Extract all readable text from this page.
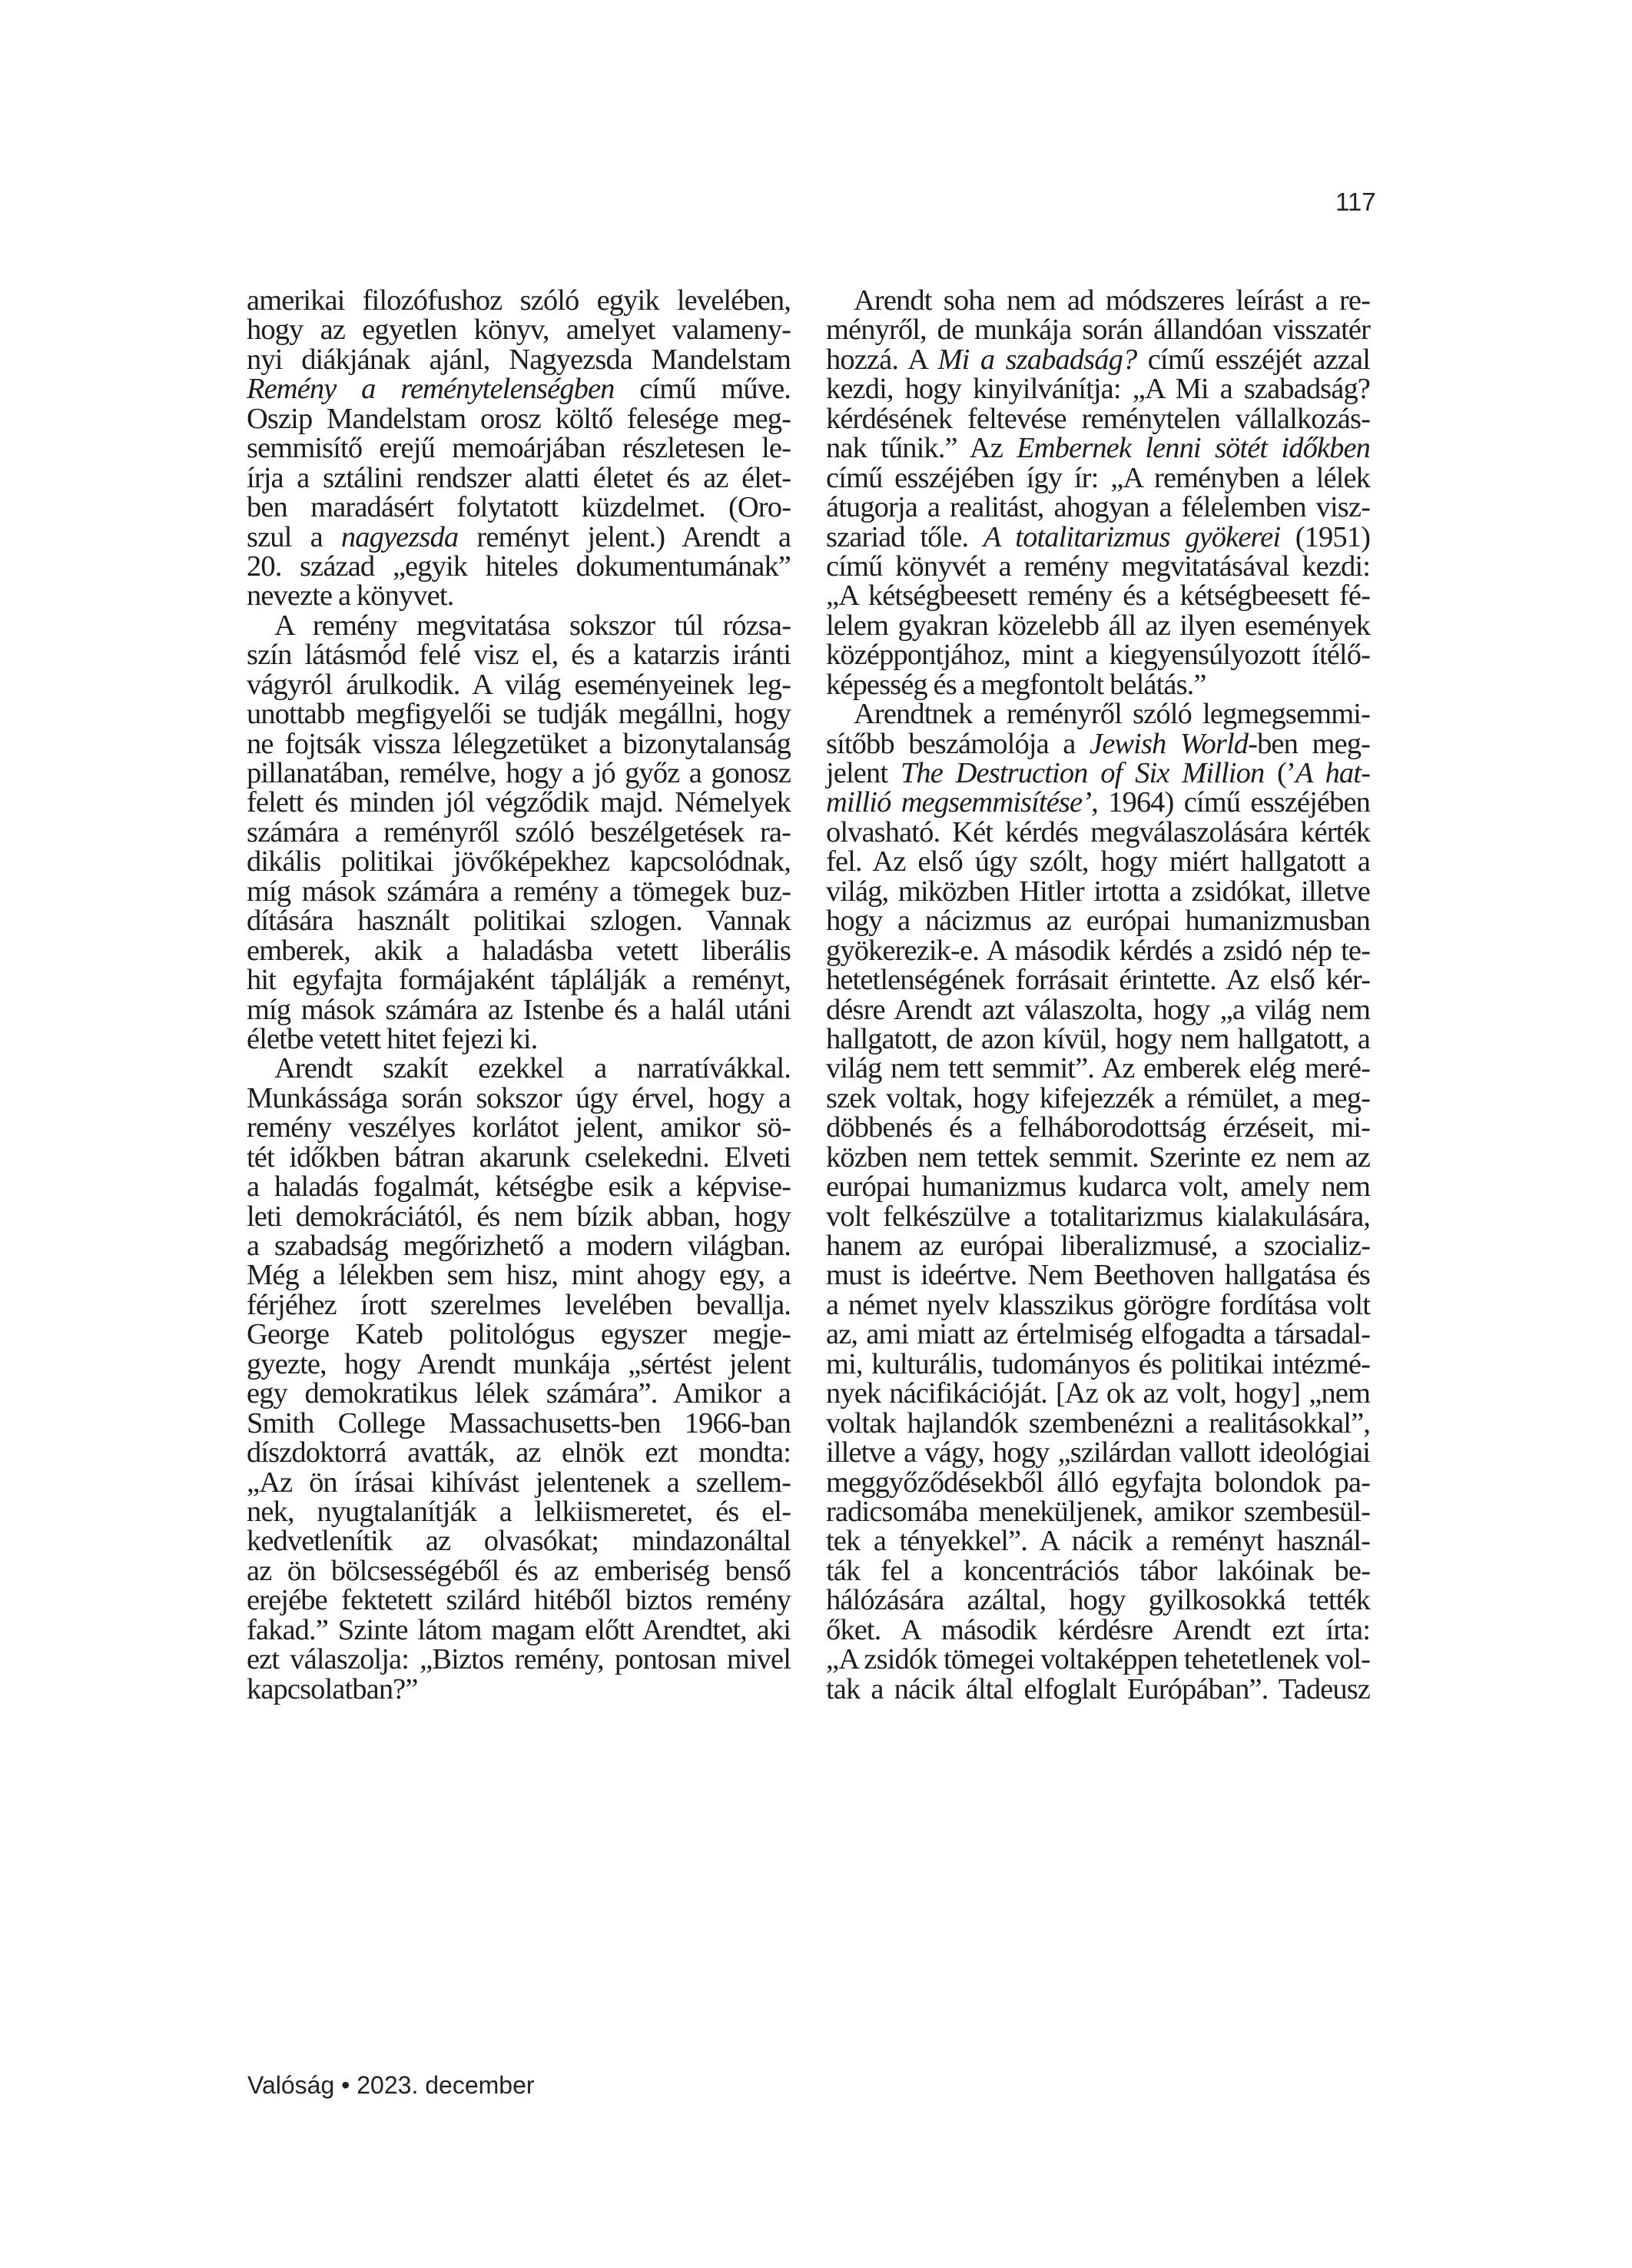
117
amerikai filozófushoz szóló egyik levelében,
hogy az egyetlen könyv, amelyet valameny-
nyi diákjának ajánl, Nagyezsda Mandelstam
Remény a reménytelenségben című műve.
Oszip Mandelstam orosz költő felesége meg-
semmisítő erejű memoárjában részletesen le-
írja a sztálini rendszer alatti életet és az élet-
ben maradásért folytatott küzdelmet. (Oro-
szul a nagyezsda reményt jelent.) Arendt a
20. század „egyik hiteles dokumentumának”
nevezte a könyvet.
A remény megvitatása sokszor túl rózsa-
szín látásmód felé visz el, és a katarzis iránti
vágyról árulkodik. A világ eseményeinek leg-
unottabb megfigyelői se tudják megállni, hogy
ne fojtsák vissza lélegzetüket a bizonytalanság
pillanatában, remélve, hogy a jó győz a gonosz
felett és minden jól végződik majd. Némelyek
számára a reményről szóló beszélgetések ra-
dikális politikai jövőképekhez kapcsolódnak,
míg mások számára a remény a tömegek buz-
dítására használt politikai szlogen. Vannak
emberek, akik a haladásba vetett liberális
hit egyfajta formájaként táplálják a reményt,
míg mások számára az Istenbe és a halál utáni
életbe vetett hitet fejezi ki.
Arendt szakít ezekkel a narratívákkal.
Munkássága során sokszor úgy érvel, hogy a
remény veszélyes korlátot jelent, amikor sö-
tét időkben bátran akarunk cselekedni. Elveti
a haladás fogalmát, kétségbe esik a képvise-
leti demokráciától, és nem bízik abban, hogy
a szabadság megőrizhető a modern világban.
Még a lélekben sem hisz, mint ahogy egy, a
férjéhez írott szerelmes levelében bevallja.
George Kateb politológus egyszer megje-
gyezte, hogy Arendt munkája „sértést jelent
egy demokratikus lélek számára”. Amikor a
Smith College Massachusetts-ben 1966-ban
díszdoktorrá avatták, az elnök ezt mondta:
„Az ön írásai kihívást jelentenek a szellem-
nek, nyugtalanítják a lelkiismeretet, és el-
kedvetlenítik az olvasókat; mindazonáltal
az ön bölcsességéből és az emberiség benső
erejébe fektetett szilárd hitéből biztos remény
fakad.” Szinte látom magam előtt Arendtet, aki
ezt válaszolja: „Biztos remény, pontosan mivel
kapcsolatban?”
Arendt soha nem ad módszeres leírást a re-
ményről, de munkája során állandóan visszatér
hozzá. A Mi a szabadság? című esszéjét azzal
kezdi, hogy kinyilvánítja: „A Mi a szabadság?
kérdésének feltevése reménytelen vállalkozás-
nak tűnik.” Az Embernek lenni sötét időkben
című esszéjében így ír: „A reményben a lélek
átugorja a realitást, ahogyan a félelemben visz-
szariad tőle. A totalitarizmus gyökerei (1951)
című könyvét a remény megvitatásával kezdi:
„A kétségbeesett remény és a kétségbeesett fé-
lelem gyakran közelebb áll az ilyen események
középpontjához, mint a kiegyensúlyozott ítélő-
képesség és a megfontolt belátás.”
Arendtnek a reményről szóló legmegsemmi-
sítőbb beszámolója a Jewish World-ben meg-
jelent The Destruction of Six Million (’A hat-
millió megsemmisítése’, 1964) című esszéjében
olvasható. Két kérdés megválaszolására kérték
fel. Az első úgy szólt, hogy miért hallgatott a
világ, miközben Hitler irtotta a zsidókat, illetve
hogy a nácizmus az európai humanizmusban
gyökerezik-e. A második kérdés a zsidó nép te-
hetetlenségének forrásait érintette. Az első kér-
désre Arendt azt válaszolta, hogy „a világ nem
hallgatott, de azon kívül, hogy nem hallgatott, a
világ nem tett semmit”. Az emberek elég meré-
szek voltak, hogy kifejezzék a rémület, a meg-
döbbenés és a felháborodottság érzéseit, mi-
közben nem tettek semmit. Szerinte ez nem az
európai humanizmus kudarca volt, amely nem
volt felkészülve a totalitarizmus kialakulására,
hanem az európai liberalizmusé, a szocializ-
must is ideértve. Nem Beethoven hallgatása és
a német nyelv klasszikus görögre fordítása volt
az, ami miatt az értelmiség elfogadta a társadal-
mi, kulturális, tudományos és politikai intézmé-
nyek nácifikációját. [Az ok az volt, hogy] „nem
voltak hajlandók szembenézni a realitásokkal”,
illetve a vágy, hogy „szilárdan vallott ideológiai
meggyőződésekből álló egyfajta bolondok pa-
radicsomába meneküljenek, amikor szembesül-
tek a tényekkel”. A nácik a reményt használ-
ták fel a koncentrációs tábor lakóinak be-
hálózására azáltal, hogy gyilkosokká tették
őket. A második kérdésre Arendt ezt írta:
„A zsidók tömegei voltaképpen tehetetlenek vol-
tak a nácik által elfoglalt Európában”. Tadeusz
Valóság • 2023. december
